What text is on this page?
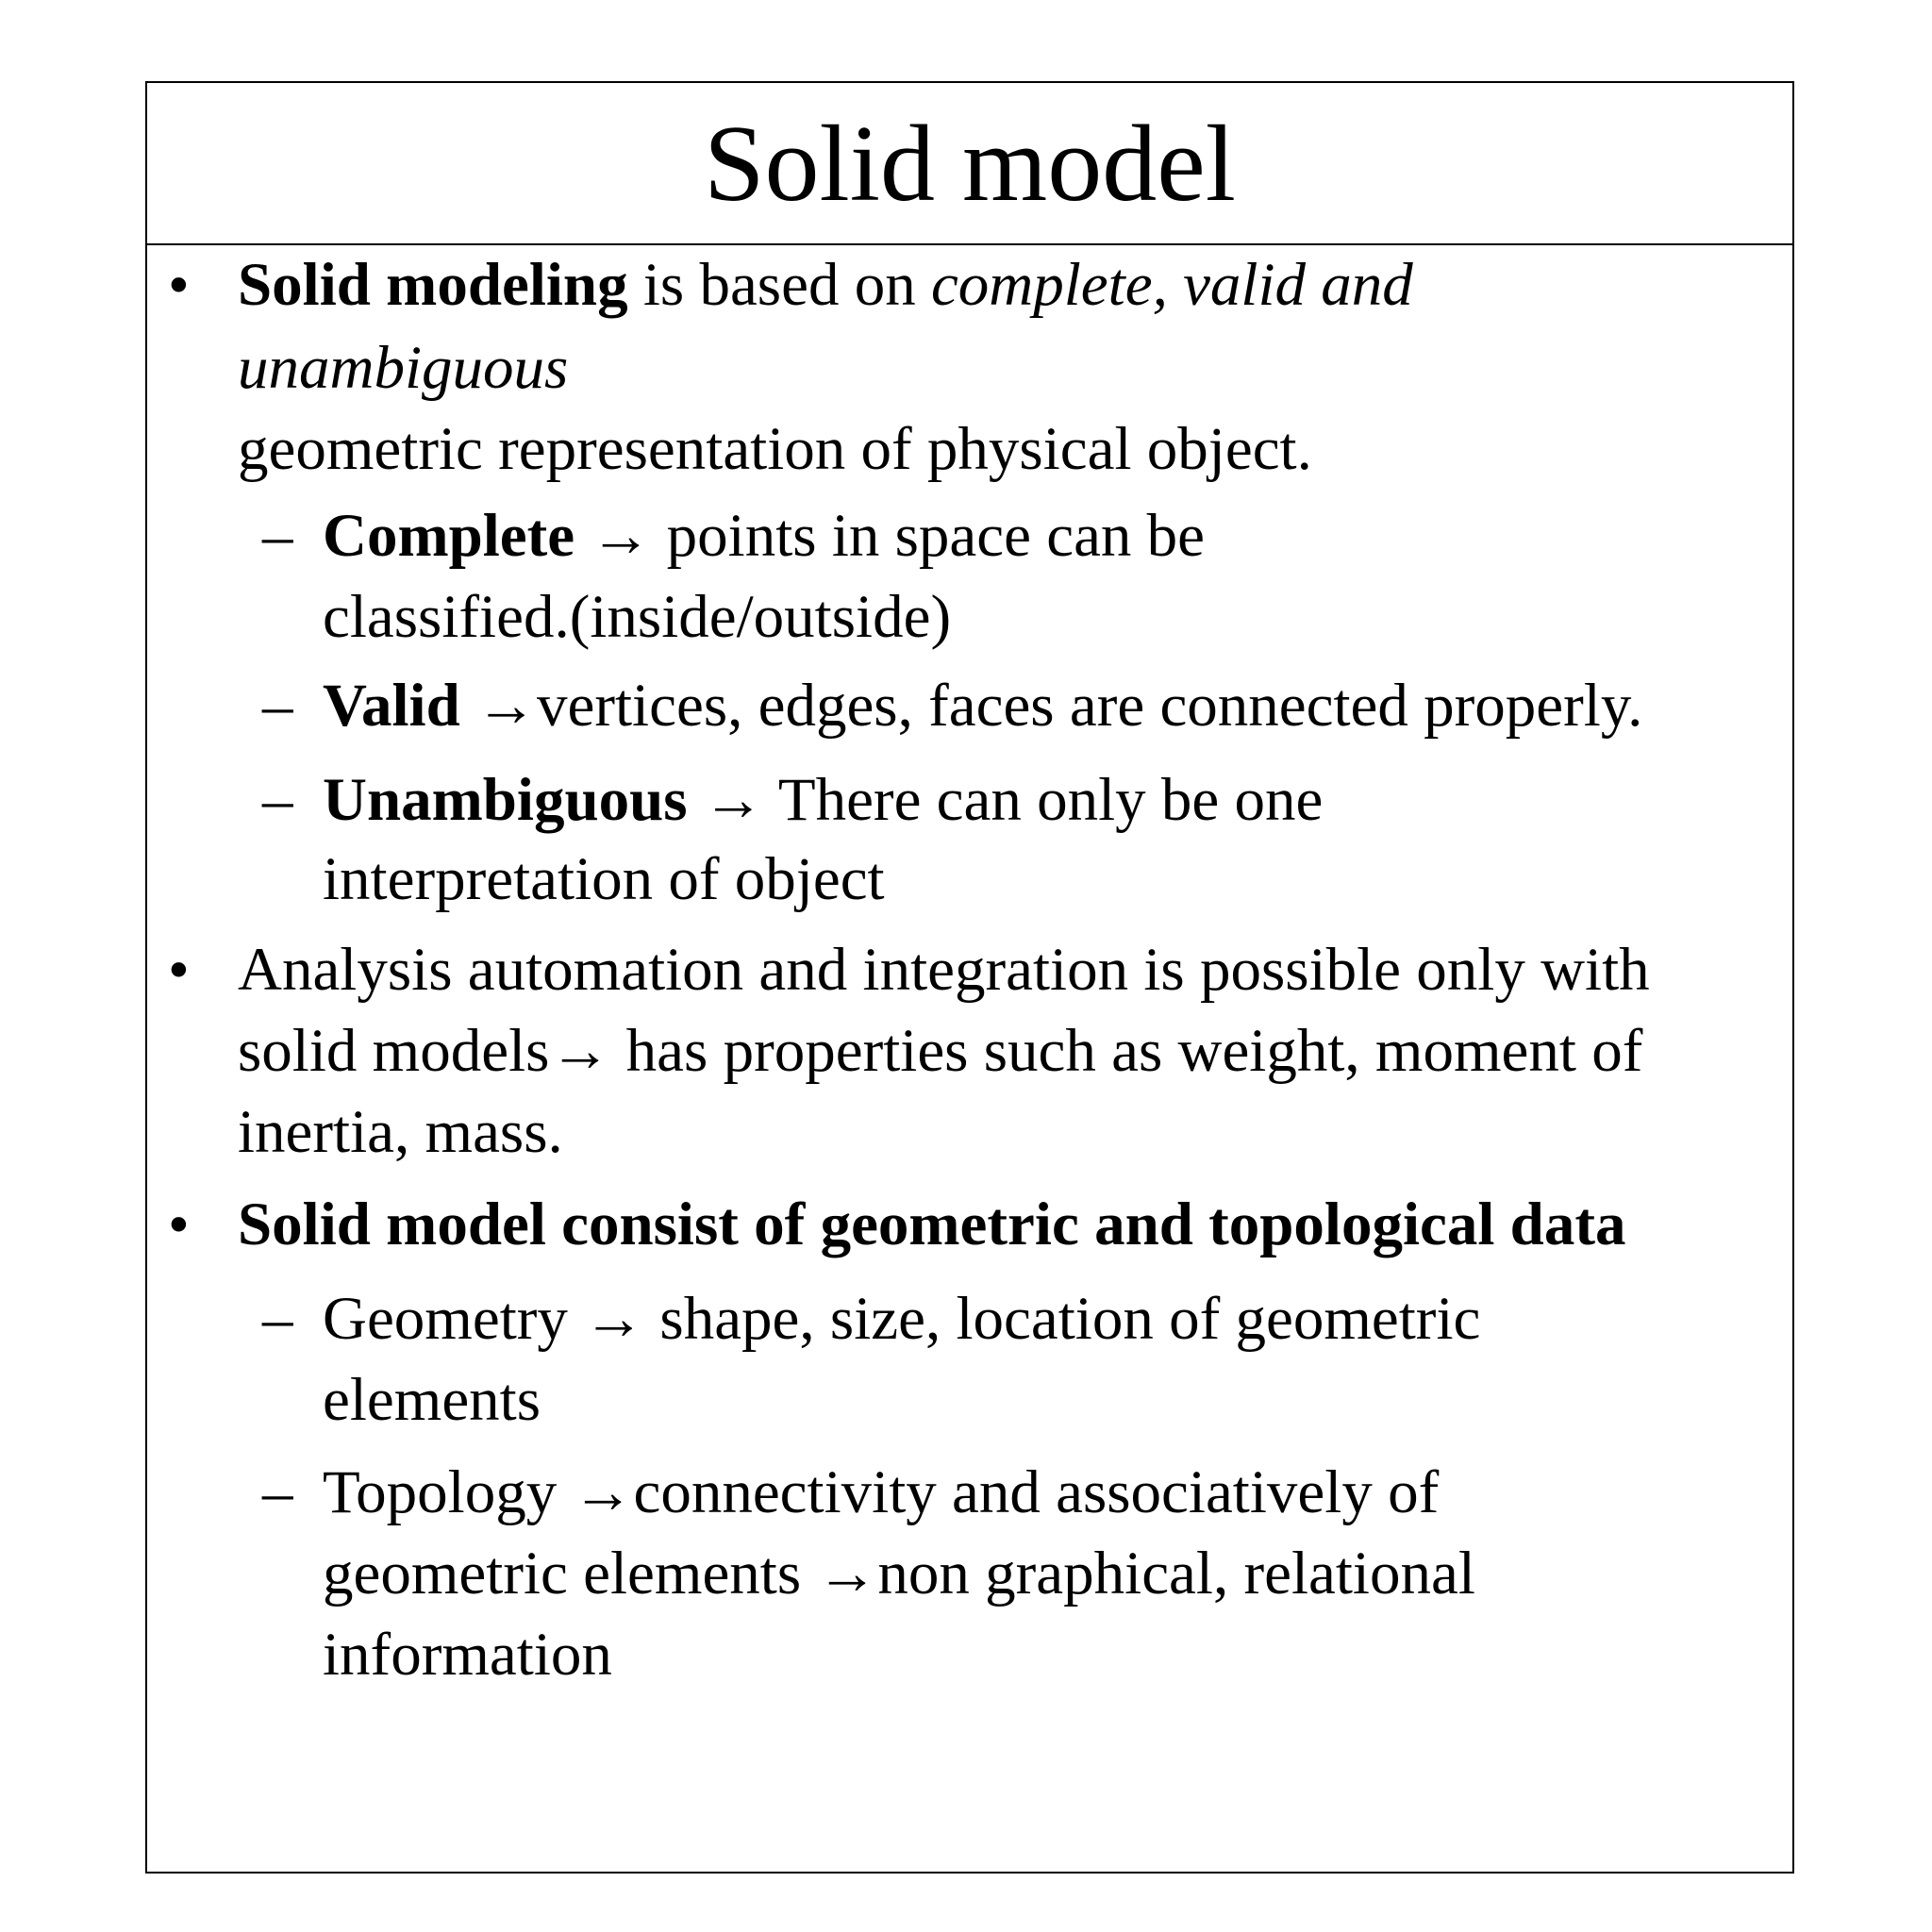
Solid model
• Solid modeling is based on complete, valid and
unambiguous
geometric representation of physical object.
– Complete → points in space can be
classified.(inside/outside)
– Valid →vertices, edges, faces are connected properly.
– Unambiguous → There can only be one
interpretation of object
• Analysis automation and integration is possible only with
solid models→ has properties such as weight, moment of
inertia, mass.
• Solid model consist of geometric and topological data
– Geometry → shape, size, location of geometric
elements
– Topology →connectivity and associatively of
geometric elements →non graphical, relational
information
